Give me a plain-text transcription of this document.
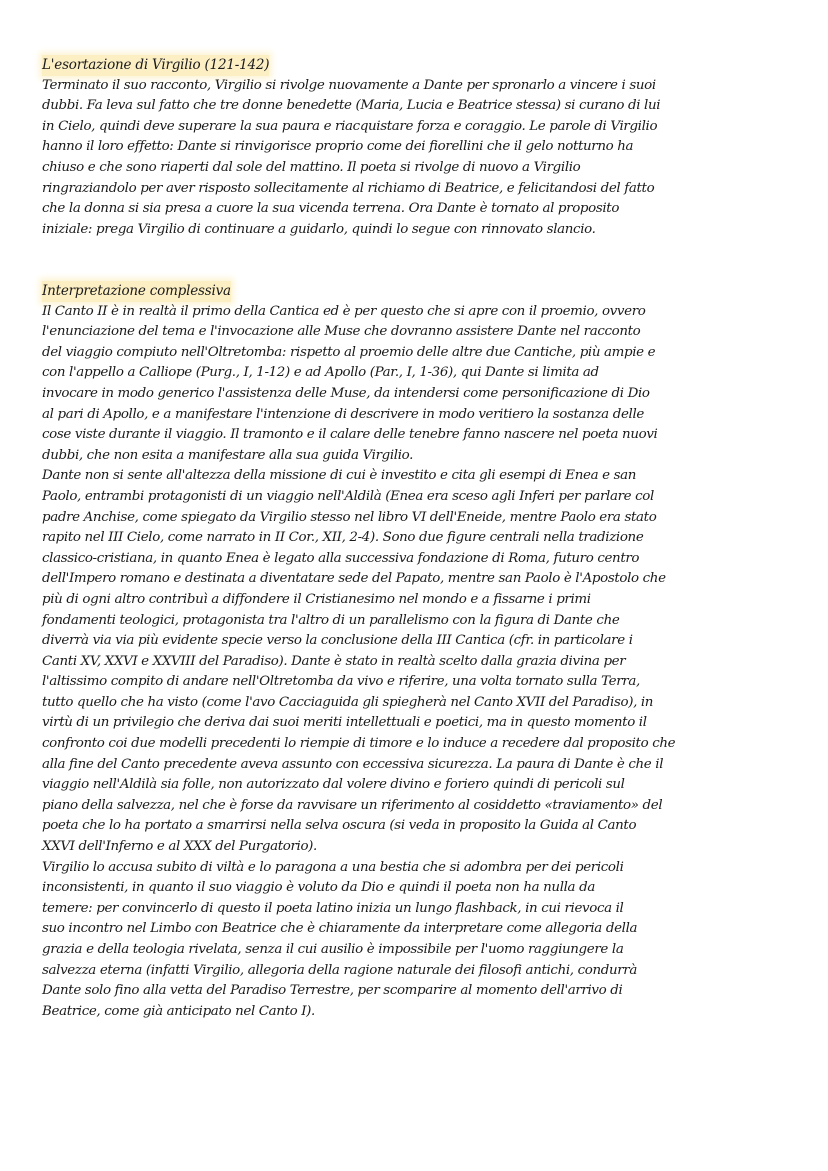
L'esortazione di Virgilio (121-142)
Terminato il suo racconto, Virgilio si rivolge nuovamente a Dante per spronarlo a vincere i suoi
dubbi. Fa leva sul fatto che tre donne benedette (Maria, Lucia e Beatrice stessa) si curano di lui
in Cielo, quindi deve superare la sua paura e riacquistare forza e coraggio. Le parole di Virgilio
hanno il loro effetto: Dante si rinvigorisce proprio come dei fiorellini che il gelo notturno ha
chiuso e che sono riaperti dal sole del mattino. Il poeta si rivolge di nuovo a Virgilio
ringraziandolo per aver risposto sollecitamente al richiamo di Beatrice, e felicitandosi del fatto
che la donna si sia presa a cuore la sua vicenda terrena. Ora Dante è tornato al proposito
iniziale: prega Virgilio di continuare a guidarlo, quindi lo segue con rinnovato slancio.
Interpretazione complessiva
Il Canto II è in realtà il primo della Cantica ed è per questo che si apre con il proemio, ovvero
l'enunciazione del tema e l'invocazione alle Muse che dovranno assistere Dante nel racconto
del viaggio compiuto nell'Oltretomba: rispetto al proemio delle altre due Cantiche, più ampie e
con l'appello a Calliope (Purg., I, 1-12) e ad Apollo (Par., I, 1-36), qui Dante si limita ad
invocare in modo generico l'assistenza delle Muse, da intendersi come personificazione di Dio
al pari di Apollo, e a manifestare l'intenzione di descrivere in modo veritiero la sostanza delle
cose viste durante il viaggio. Il tramonto e il calare delle tenebre fanno nascere nel poeta nuovi
dubbi, che non esita a manifestare alla sua guida Virgilio.
Dante non si sente all'altezza della missione di cui è investito e cita gli esempi di Enea e san
Paolo, entrambi protagonisti di un viaggio nell'Aldilà (Enea era sceso agli Inferi per parlare col
padre Anchise, come spiegato da Virgilio stesso nel libro VI dell'Eneide, mentre Paolo era stato
rapito nel III Cielo, come narrato in II Cor., XII, 2-4). Sono due figure centrali nella tradizione
classico-cristiana, in quanto Enea è legato alla successiva fondazione di Roma, futuro centro
dell'Impero romano e destinata a diventatare sede del Papato, mentre san Paolo è l'Apostolo che
più di ogni altro contribuì a diffondere il Cristianesimo nel mondo e a fissarne i primi
fondamenti teologici, protagonista tra l'altro di un parallelismo con la figura di Dante che
diverrà via via più evidente specie verso la conclusione della III Cantica (cfr. in particolare i
Canti XV, XXVI e XXVIII del Paradiso). Dante è stato in realtà scelto dalla grazia divina per
l'altissimo compito di andare nell'Oltretomba da vivo e riferire, una volta tornato sulla Terra,
tutto quello che ha visto (come l'avo Cacciaguida gli spiegherà nel Canto XVII del Paradiso), in
virtù di un privilegio che deriva dai suoi meriti intellettuali e poetici, ma in questo momento il
confronto coi due modelli precedenti lo riempie di timore e lo induce a recedere dal proposito che
alla fine del Canto precedente aveva assunto con eccessiva sicurezza. La paura di Dante è che il
viaggio nell'Aldilà sia folle, non autorizzato dal volere divino e foriero quindi di pericoli sul
piano della salvezza, nel che è forse da ravvisare un riferimento al cosiddetto «traviamento» del
poeta che lo ha portato a smarrirsi nella selva oscura (si veda in proposito la Guida al Canto
XXVI dell'Inferno e al XXX del Purgatorio).
Virgilio lo accusa subito di viltà e lo paragona a una bestia che si adombra per dei pericoli
inconsistenti, in quanto il suo viaggio è voluto da Dio e quindi il poeta non ha nulla da
temere: per convincerlo di questo il poeta latino inizia un lungo flashback, in cui rievoca il
suo incontro nel Limbo con Beatrice che è chiaramente da interpretare come allegoria della
grazia e della teologia rivelata, senza il cui ausilio è impossibile per l'uomo raggiungere la
salvezza eterna (infatti Virgilio, allegoria della ragione naturale dei filosofi antichi, condurrà
Dante solo fino alla vetta del Paradiso Terrestre, per scomparire al momento dell'arrivo di
Beatrice, come già anticipato nel Canto I).
